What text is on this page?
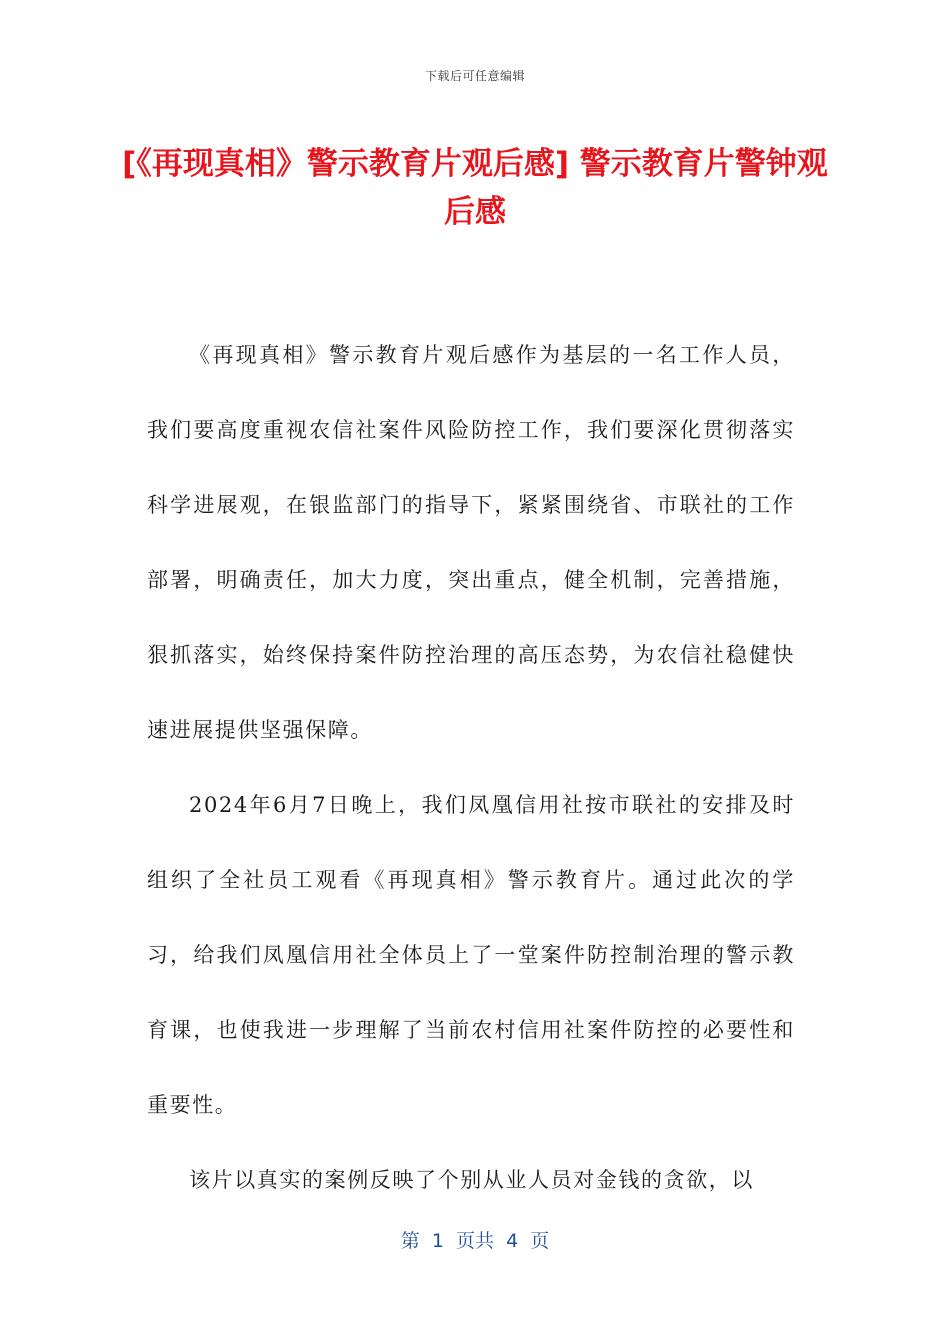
下载后可任意编辑
[《再现真相》警示教育片观后感] 警示教育片警钟观后感

《再现真相》警示教育片观后感作为基层的一名工作人员，我们要高度重视农信社案件风险防控工作，我们要深化贯彻落实科学进展观，在银监部门的指导下，紧紧围绕省、市联社的工作部署，明确责任，加大力度，突出重点，健全机制，完善措施，狠抓落实，始终保持案件防控治理的高压态势，为农信社稳健快速进展提供坚强保障。

2024年6月7日晚上，我们凤凰信用社按市联社的安排及时组织了全社员工观看《再现真相》警示教育片。通过此次的学习，给我们凤凰信用社全体员上了一堂案件防控制治理的警示教育课，也使我进一步理解了当前农村信用社案件防控的必要性和重要性。

该片以真实的案例反映了个别从业人员对金钱的贪欲，以

第  1  页共  4  页
